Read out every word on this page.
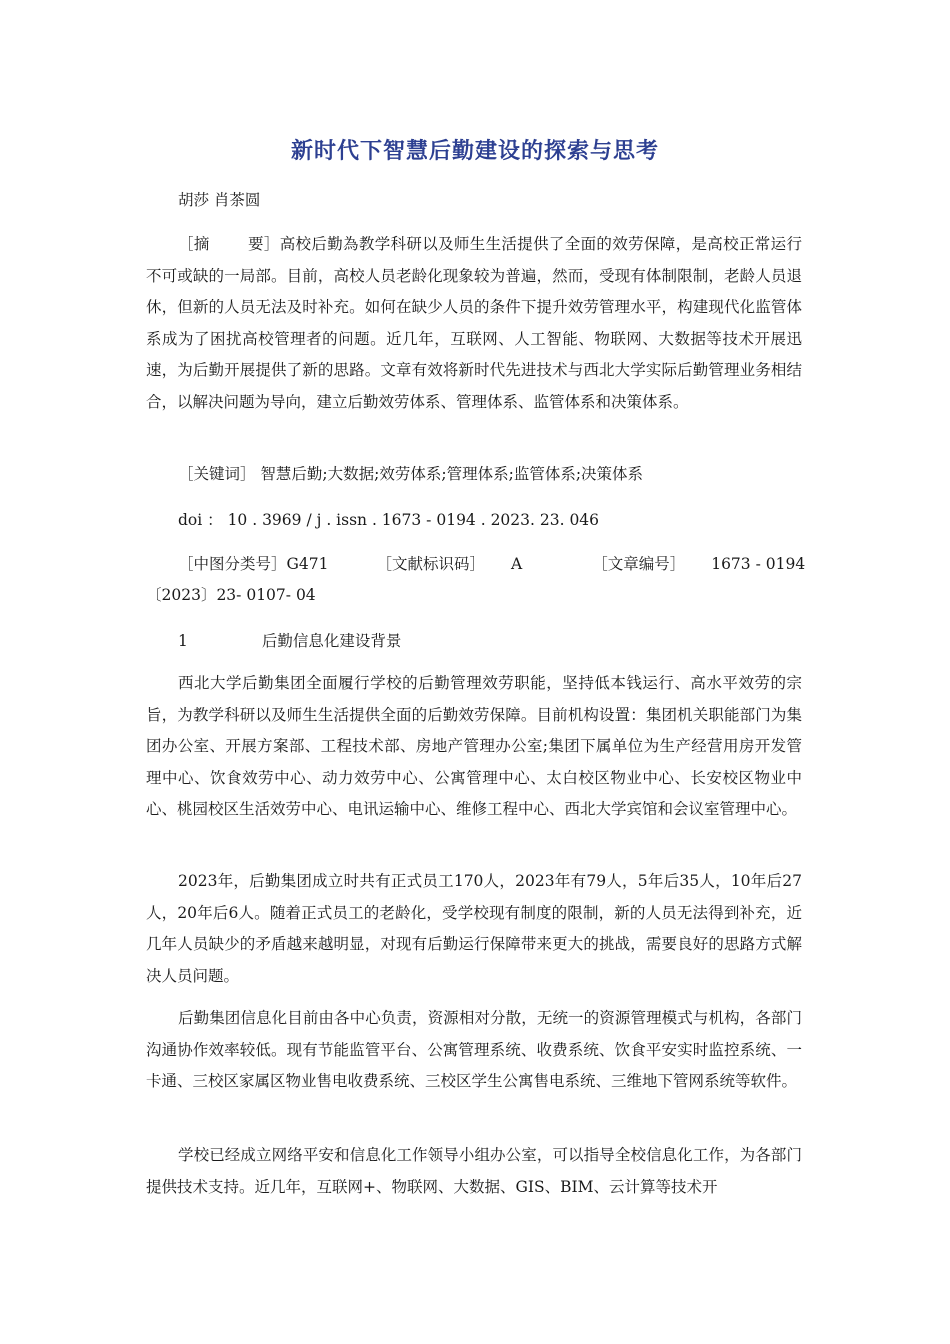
新时代下智慧后勤建设的探索与思考
胡莎 肖茶圆

［摘 要］高校后勤為教学科研以及师生生活提供了全面的效劳保障，是高校正常运行不可或缺的一局部。目前，高校人员老龄化现象较为普遍，然而，受现有体制限制，老龄人员退休，但新的人员无法及时补充。如何在缺少人员的条件下提升效劳管理水平，构建现代化监管体系成为了困扰高校管理者的问题。近几年，互联网、人工智能、物联网、大数据等技术开展迅速，为后勤开展提供了新的思路。文章有效将新时代先进技术与西北大学实际后勤管理业务相结合，以解决问题为导向，建立后勤效劳体系、管理体系、监管体系和决策体系。

［关键词］ 智慧后勤;大数据;效劳体系;管理体系;监管体系;决策体系
doi ： 10 . 3969 / j . issn . 1673 - 0194 . 2023. 23. 046
［中图分类号］G471	［文献标识码］ A	［文章编号］ 1673 - 0194
〔2023〕23- 0107- 04
1	后勤信息化建设背景

西北大学后勤集团全面履行学校的后勤管理效劳职能，坚持低本钱运行、高水平效劳的宗旨，为教学科研以及师生生活提供全面的后勤效劳保障。目前机构设置：集团机关职能部门为集团办公室、开展方案部、工程技术部、房地产管理办公室;集团下属单位为生产经营用房开发管理中心、饮食效劳中心、动力效劳中心、公寓管理中心、太白校区物业中心、长安校区物业中心、桃园校区生活效劳中心、电讯运输中心、维修工程中心、西北大学宾馆和会议室管理中心。

2023年，后勤集团成立时共有正式员工170人，2023年有79人，5年后35人，10年后27人，20年后6人。随着正式员工的老龄化，受学校现有制度的限制，新的人员无法得到补充，近几年人员缺少的矛盾越来越明显，对现有后勤运行保障带来更大的挑战，需要良好的思路方式解决人员问题。

后勤集团信息化目前由各中心负责，资源相对分散，无统一的资源管理模式与机构，各部门沟通协作效率较低。现有节能监管平台、公寓管理系统、收费系统、饮食平安实时监控系统、一卡通、三校区家属区物业售电收费系统、三校区学生公寓售电系统、三维地下管网系统等软件。

学校已经成立网络平安和信息化工作领导小组办公室，可以指导全校信息化工作，为各部门提供技术支持。近几年，互联网+、物联网、大数据、GIS、BIM、云计算等技术开
